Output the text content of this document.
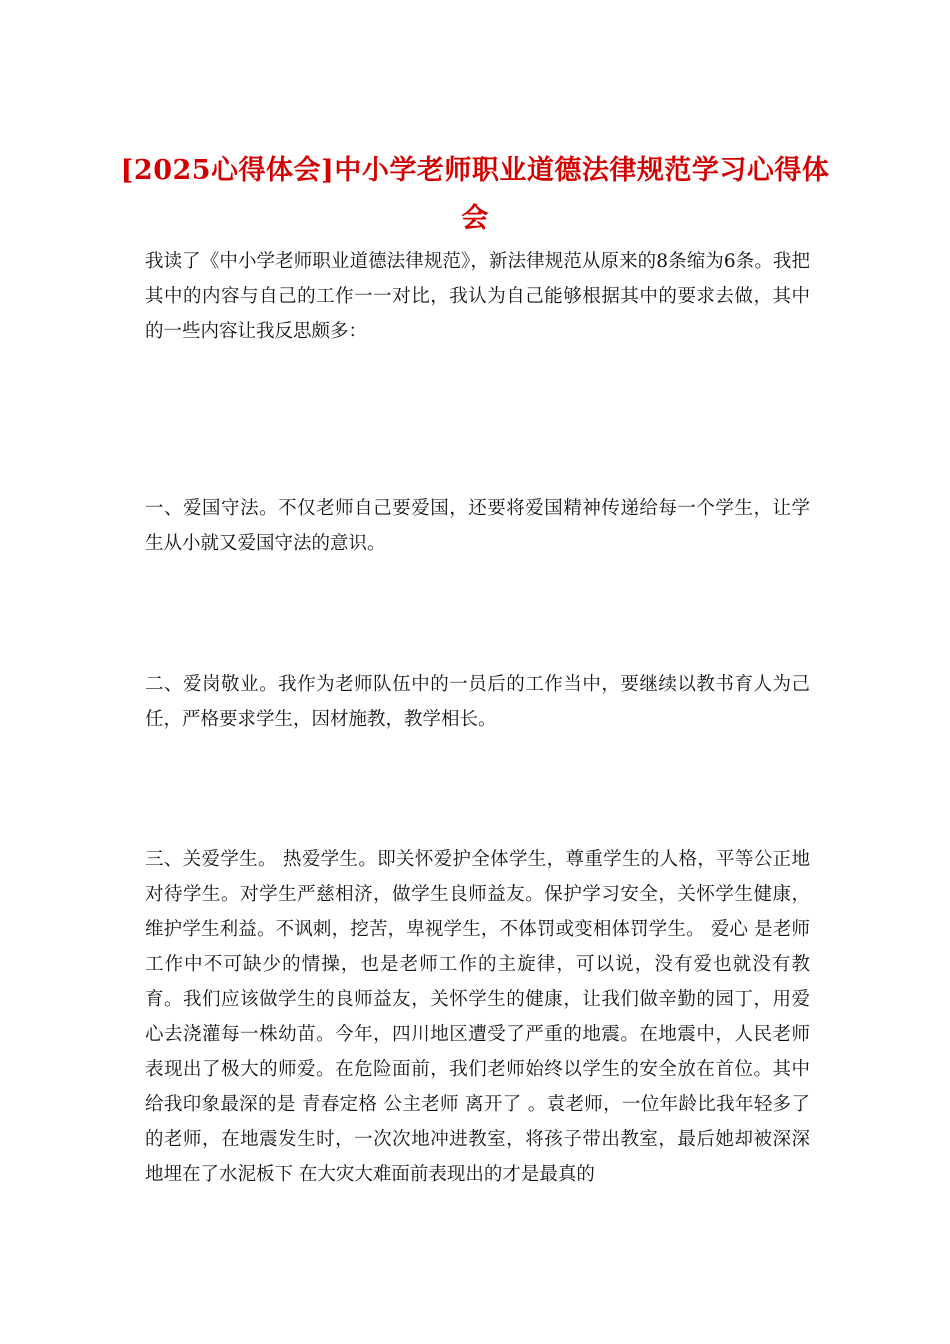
[2025心得体会]中小学老师职业道德法律规范学习心得体会

我读了《中小学老师职业道德法律规范》，新法律规范从原来的8条缩为6条。我把其中的内容与自己的工作一一对比，我认为自己能够根据其中的要求去做，其中的一些内容让我反思颇多：

一、爱国守法。不仅老师自己要爱国，还要将爱国精神传递给每一个学生，让学生从小就又爱国守法的意识。

二、爱岗敬业。我作为老师队伍中的一员后的工作当中，要继续以教书育人为己任，严格要求学生，因材施教，教学相长。

三、关爱学生。 热爱学生。即关怀爱护全体学生，尊重学生的人格，平等公正地对待学生。对学生严慈相济，做学生良师益友。保护学习安全，关怀学生健康，维护学生利益。不讽刺，挖苦，卑视学生，不体罚或变相体罚学生。 爱心 是老师工作中不可缺少的情操，也是老师工作的主旋律，可以说，没有爱也就没有教育。我们应该做学生的良师益友，关怀学生的健康，让我们做辛勤的园丁，用爱心去浇灌每一株幼苗。今年，四川地区遭受了严重的地震。在地震中，人民老师表现出了极大的师爱。在危险面前，我们老师始终以学生的安全放在首位。其中给我印象最深的是 青春定格 公主老师 离开了 。袁老师，一位年龄比我年轻多了的老师，在地震发生时，一次次地冲进教室，将孩子带出教室，最后她却被深深地埋在了水泥板下 在大灾大难面前表现出的才是最真的
